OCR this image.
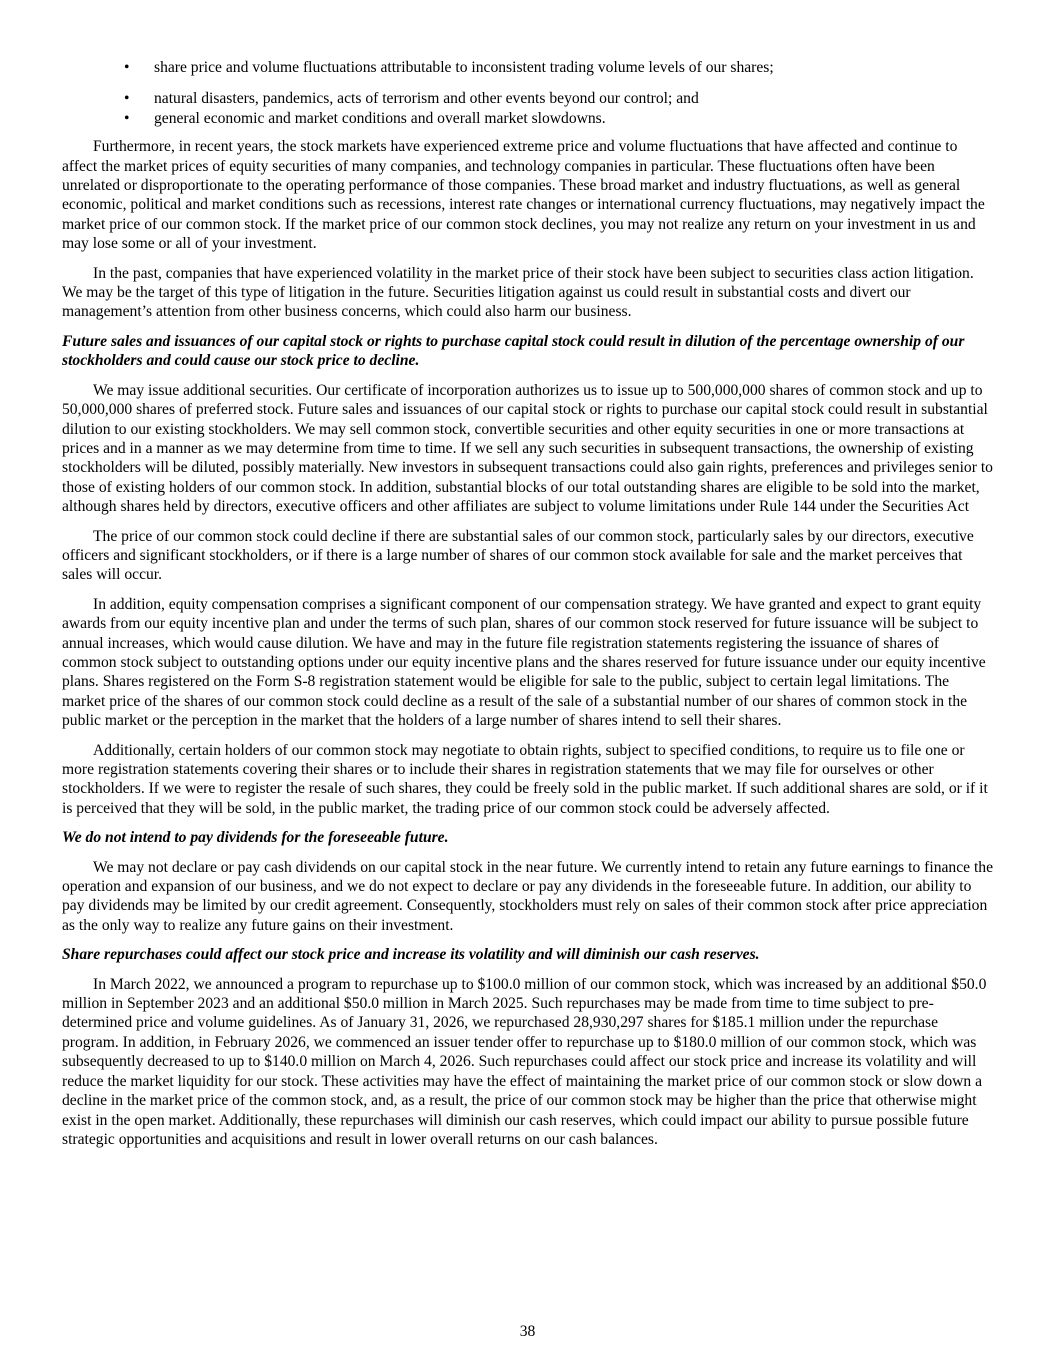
• share price and volume fluctuations attributable to inconsistent trading volume levels of our shares;
• natural disasters, pandemics, acts of terrorism and other events beyond our control; and
• general economic and market conditions and overall market slowdowns.

Furthermore, in recent years, the stock markets have experienced extreme price and volume fluctuations that have affected and continue to affect the market prices of equity securities of many companies, and technology companies in particular. These fluctuations often have been unrelated or disproportionate to the operating performance of those companies. These broad market and industry fluctuations, as well as general economic, political and market conditions such as recessions, interest rate changes or international currency fluctuations, may negatively impact the market price of our common stock. If the market price of our common stock declines, you may not realize any return on your investment in us and may lose some or all of your investment.

In the past, companies that have experienced volatility in the market price of their stock have been subject to securities class action litigation. We may be the target of this type of litigation in the future. Securities litigation against us could result in substantial costs and divert our management’s attention from other business concerns, which could also harm our business.

Future sales and issuances of our capital stock or rights to purchase capital stock could result in dilution of the percentage ownership of our stockholders and could cause our stock price to decline.

We may issue additional securities. Our certificate of incorporation authorizes us to issue up to 500,000,000 shares of common stock and up to 50,000,000 shares of preferred stock. Future sales and issuances of our capital stock or rights to purchase our capital stock could result in substantial dilution to our existing stockholders. We may sell common stock, convertible securities and other equity securities in one or more transactions at prices and in a manner as we may determine from time to time. If we sell any such securities in subsequent transactions, the ownership of existing stockholders will be diluted, possibly materially. New investors in subsequent transactions could also gain rights, preferences and privileges senior to those of existing holders of our common stock. In addition, substantial blocks of our total outstanding shares are eligible to be sold into the market, although shares held by directors, executive officers and other affiliates are subject to volume limitations under Rule 144 under the Securities Act

The price of our common stock could decline if there are substantial sales of our common stock, particularly sales by our directors, executive officers and significant stockholders, or if there is a large number of shares of our common stock available for sale and the market perceives that sales will occur.

In addition, equity compensation comprises a significant component of our compensation strategy. We have granted and expect to grant equity awards from our equity incentive plan and under the terms of such plan, shares of our common stock reserved for future issuance will be subject to annual increases, which would cause dilution. We have and may in the future file registration statements registering the issuance of shares of common stock subject to outstanding options under our equity incentive plans and the shares reserved for future issuance under our equity incentive plans. Shares registered on the Form S-8 registration statement would be eligible for sale to the public, subject to certain legal limitations. The market price of the shares of our common stock could decline as a result of the sale of a substantial number of our shares of common stock in the public market or the perception in the market that the holders of a large number of shares intend to sell their shares.

Additionally, certain holders of our common stock may negotiate to obtain rights, subject to specified conditions, to require us to file one or more registration statements covering their shares or to include their shares in registration statements that we may file for ourselves or other stockholders. If we were to register the resale of such shares, they could be freely sold in the public market. If such additional shares are sold, or if it is perceived that they will be sold, in the public market, the trading price of our common stock could be adversely affected.

We do not intend to pay dividends for the foreseeable future.

We may not declare or pay cash dividends on our capital stock in the near future. We currently intend to retain any future earnings to finance the operation and expansion of our business, and we do not expect to declare or pay any dividends in the foreseeable future. In addition, our ability to pay dividends may be limited by our credit agreement. Consequently, stockholders must rely on sales of their common stock after price appreciation as the only way to realize any future gains on their investment.

Share repurchases could affect our stock price and increase its volatility and will diminish our cash reserves.

In March 2022, we announced a program to repurchase up to $100.0 million of our common stock, which was increased by an additional $50.0 million in September 2023 and an additional $50.0 million in March 2025. Such repurchases may be made from time to time subject to pre-determined price and volume guidelines. As of January 31, 2026, we repurchased 28,930,297 shares for $185.1 million under the repurchase program. In addition, in February 2026, we commenced an issuer tender offer to repurchase up to $180.0 million of our common stock, which was subsequently decreased to up to $140.0 million on March 4, 2026. Such repurchases could affect our stock price and increase its volatility and will reduce the market liquidity for our stock. These activities may have the effect of maintaining the market price of our common stock or slow down a decline in the market price of the common stock, and, as a result, the price of our common stock may be higher than the price that otherwise might exist in the open market. Additionally, these repurchases will diminish our cash reserves, which could impact our ability to pursue possible future strategic opportunities and acquisitions and result in lower overall returns on our cash balances.

38
